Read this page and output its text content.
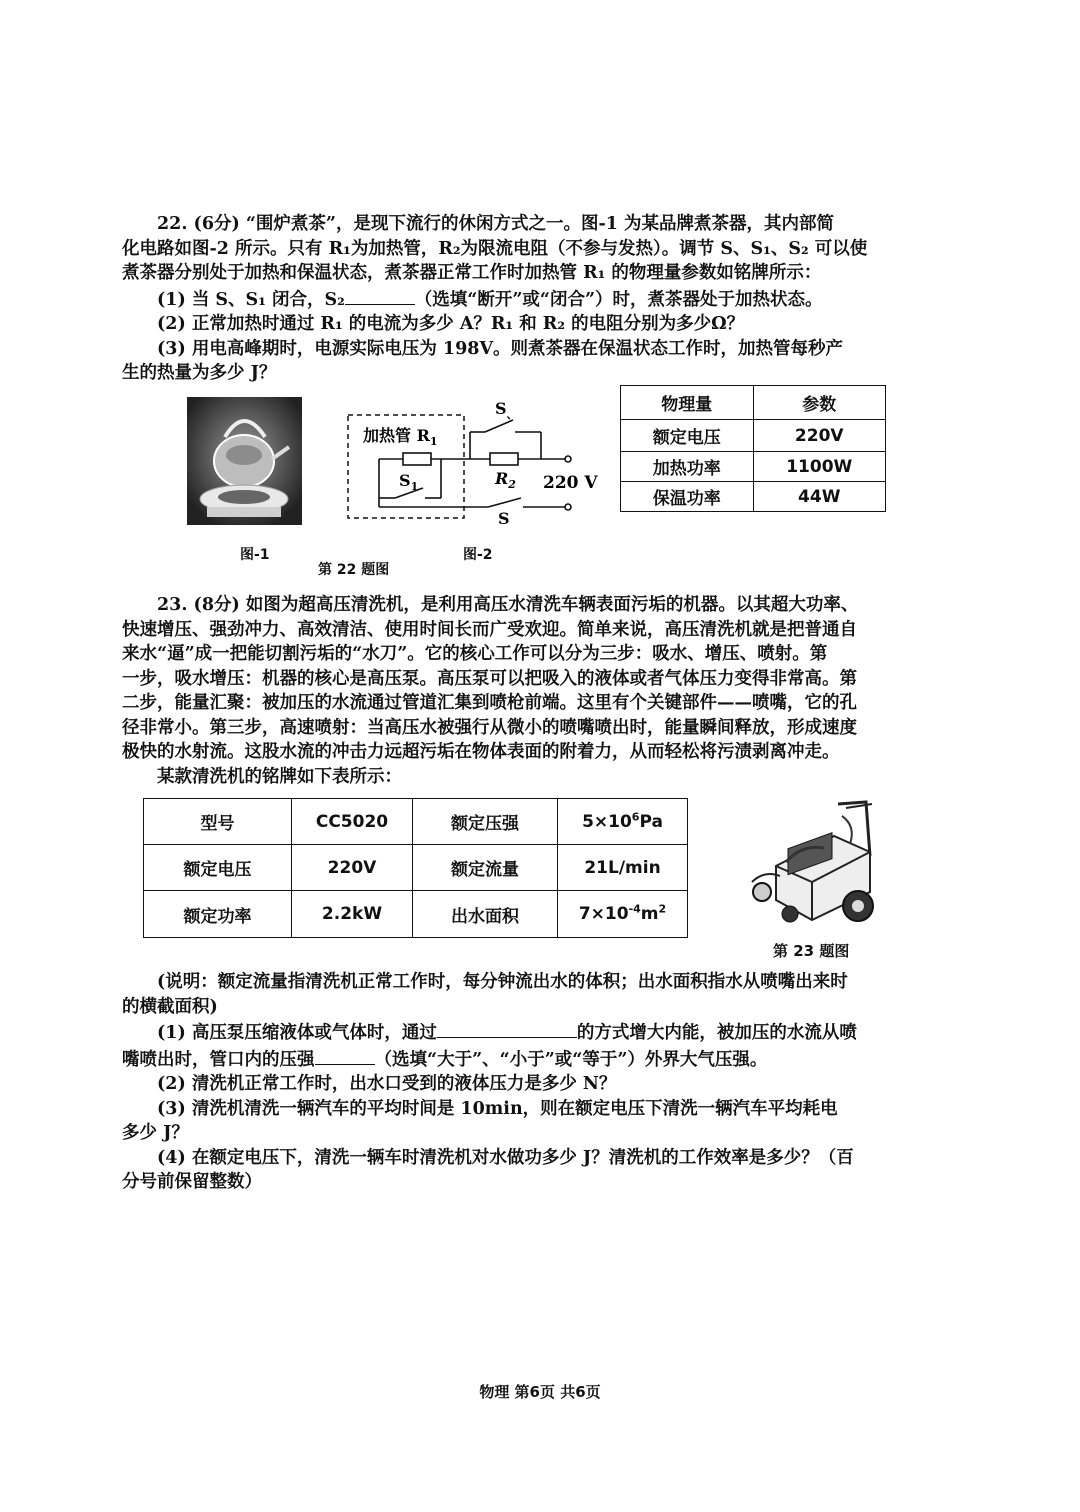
22. (6分) “围炉煮茶”，是现下流行的休闲方式之一。图-1 为某品牌煮茶器，其内部简
化电路如图-2 所示。只有 R₁为加热管，R₂为限流电阻（不参与发热）。调节 S、S₁、S₂ 可以使
煮茶器分别处于加热和保温状态，煮茶器正常工作时加热管 R₁ 的物理量参数如铭牌所示：
(1) 当 S、S₁ 闭合，S₂	（选填“断开”或“闭合”）时，煮茶器处于加热状态。
(2) 正常加热时通过 R₁ 的电流为多少 A？R₁ 和 R₂ 的电阻分别为多少Ω？
(3) 用电高峰期时，电源实际电压为 198V。则煮茶器在保温状态工作时，加热管每秒产
生的热量为多少 J？
加热管 $R_1$
$S_1$
$S_、$
$R_2$ 220 V
S
物理量	参数
额定电压	220V
加热功率	1100W
保温功率	44W
图-1	图-2
第 22 题图
23. (8分) 如图为超高压清洗机，是利用高压水清洗车辆表面污垢的机器。以其超大功率、
快速增压、强劲冲力、高效清洁、使用时间长而广受欢迎。简单来说，高压清洗机就是把普通自
来水“逼”成一把能切割污垢的“水刀”。它的核心工作可以分为三步：吸水、增压、喷射。第
一步，吸水增压：机器的核心是高压泵。高压泵可以把吸入的液体或者气体压力变得非常高。第
二步，能量汇聚：被加压的水流通过管道汇集到喷枪前端。这里有个关键部件——喷嘴，它的孔
径非常小。第三步，高速喷射：当高压水被强行从微小的喷嘴喷出时，能量瞬间释放，形成速度
极快的水射流。这股水流的冲击力远超污垢在物体表面的附着力，从而轻松将污渍剥离冲走。
某款清洗机的铭牌如下表所示：
型号	CC5020	额定压强	$5\times 10^6Pa$
额定电压	220V	额定流量	21L/min
额定功率	2.2kW	出水面积	$7\times 10^{-4}m^2$
第 23 题图
(说明：额定流量指清洗机正常工作时，每分钟流出水的体积；出水面积指水从喷嘴出来时
的横截面积)
(1) 高压泵压缩液体或气体时，通过	的方式增大内能，被加压的水流从喷
嘴喷出时，管口内的压强	（选填“大于”、“小于”或“等于”）外界大气压强。
(2) 清洗机正常工作时，出水口受到的液体压力是多少 N？
(3) 清洗机清洗一辆汽车的平均时间是 10min，则在额定电压下清洗一辆汽车平均耗电
多少 J？
(4) 在额定电压下，清洗一辆车时清洗机对水做功多少 J？清洗机的工作效率是多少？（百
分号前保留整数）
物理 第6页 共6页
